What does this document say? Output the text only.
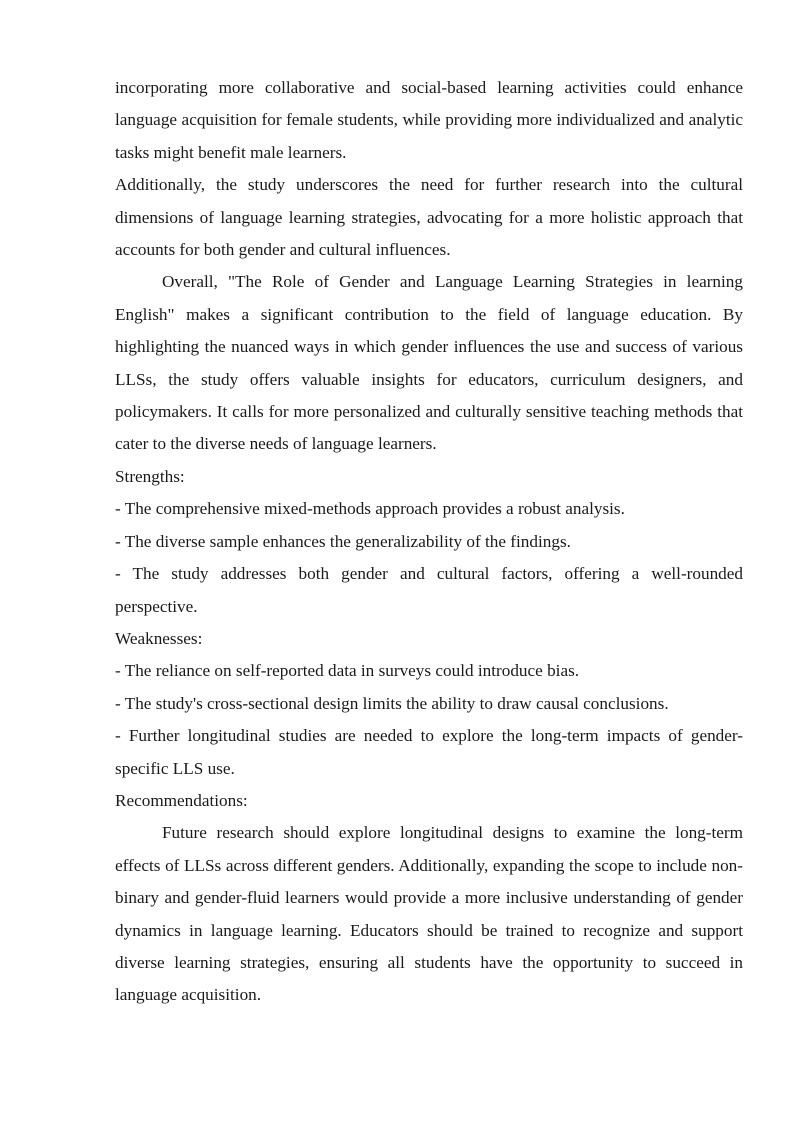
incorporating more collaborative and social-based learning activities could enhance language acquisition for female students, while providing more individualized and analytic tasks might benefit male learners.

Additionally, the study underscores the need for further research into the cultural dimensions of language learning strategies, advocating for a more holistic approach that accounts for both gender and cultural influences.

Overall, "The Role of Gender and Language Learning Strategies in learning English" makes a significant contribution to the field of language education. By highlighting the nuanced ways in which gender influences the use and success of various LLSs, the study offers valuable insights for educators, curriculum designers, and policymakers. It calls for more personalized and culturally sensitive teaching methods that cater to the diverse needs of language learners.

Strengths:

- The comprehensive mixed-methods approach provides a robust analysis.

- The diverse sample enhances the generalizability of the findings.

- The study addresses both gender and cultural factors, offering a well-rounded perspective.

Weaknesses:

- The reliance on self-reported data in surveys could introduce bias.

- The study's cross-sectional design limits the ability to draw causal conclusions.

- Further longitudinal studies are needed to explore the long-term impacts of gender-specific LLS use.

Recommendations:

Future research should explore longitudinal designs to examine the long-term effects of LLSs across different genders. Additionally, expanding the scope to include non-binary and gender-fluid learners would provide a more inclusive understanding of gender dynamics in language learning. Educators should be trained to recognize and support diverse learning strategies, ensuring all students have the opportunity to succeed in language acquisition.
